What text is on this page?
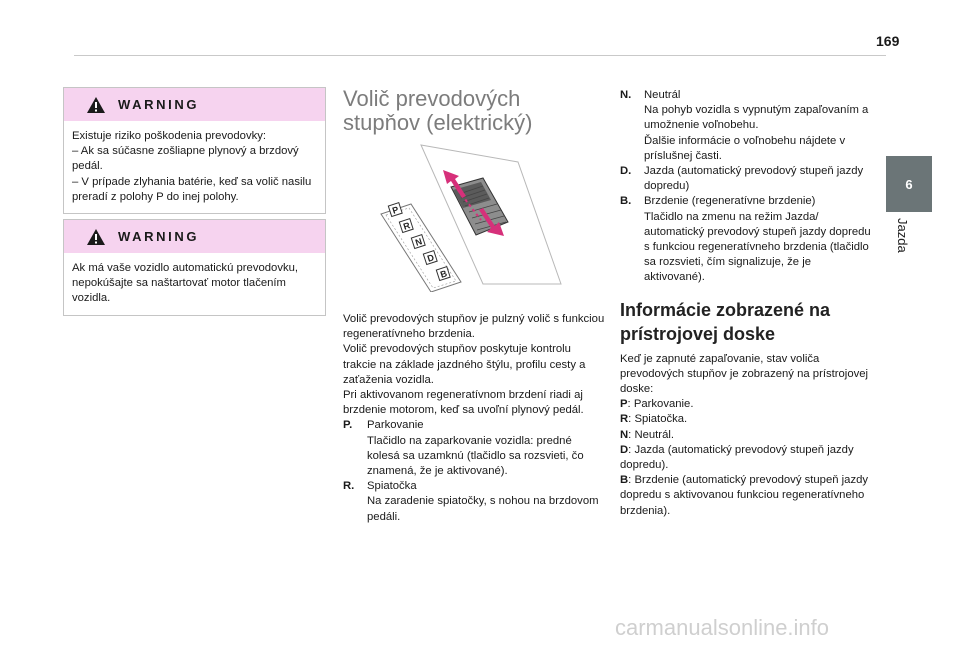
169
6
Jazda
WARNING

Existuje riziko poškodenia prevodovky:

– Ak sa súčasne zošliapne plynový a brzdový pedál.

– V prípade zlyhania batérie, keď sa volič nasilu preradí z polohy P do inej polohy.

WARNING

Ak má vaše vozidlo automatickú prevodovku, nepokúšajte sa naštartovať motor tlačením vozidla.

Volič prevodových stupňov (elektrický)
P
R
N
D
B

Volič prevodových stupňov je pulzný volič s funkciou regeneratívneho brzdenia.

Volič prevodových stupňov poskytuje kontrolu trakcie na základe jazdného štýlu, profilu cesty a zaťaženia vozidla.

Pri aktivovanom regeneratívnom brzdení riadi aj brzdenie motorom, keď sa uvoľní plynový pedál.

P.	Parkovanie

Tlačidlo na zaparkovanie vozidla: predné kolesá sa uzamknú (tlačidlo sa rozsvieti, čo znamená, že je aktivované).

R.	Spiatočka

Na zaradenie spiatočky, s nohou na brzdovom pedáli.

N.	Neutrál

Na pohyb vozidla s vypnutým zapaľovaním a umožnenie voľnobehu.

Ďalšie informácie o voľnobehu nájdete v príslušnej časti.

D.	Jazda (automatický prevodový stupeň jazdy dopredu)

B.	Brzdenie (regeneratívne brzdenie)

Tlačidlo na zmenu na režim Jazda/ automatický prevodový stupeň jazdy dopredu s funkciou regeneratívneho brzdenia (tlačidlo sa rozsvieti, čím signalizuje, že je aktivované).

Informácie zobrazené na prístrojovej doske

Keď je zapnuté zapaľovanie, stav voliča prevodových stupňov je zobrazený na prístrojovej doske:

P: Parkovanie.

R: Spiatočka.

N: Neutrál.

D: Jazda (automatický prevodový stupeň jazdy dopredu).

B: Brzdenie (automatický prevodový stupeň jazdy dopredu s aktivovanou funkciou regeneratívneho brzdenia).

carmanualsonline.info
